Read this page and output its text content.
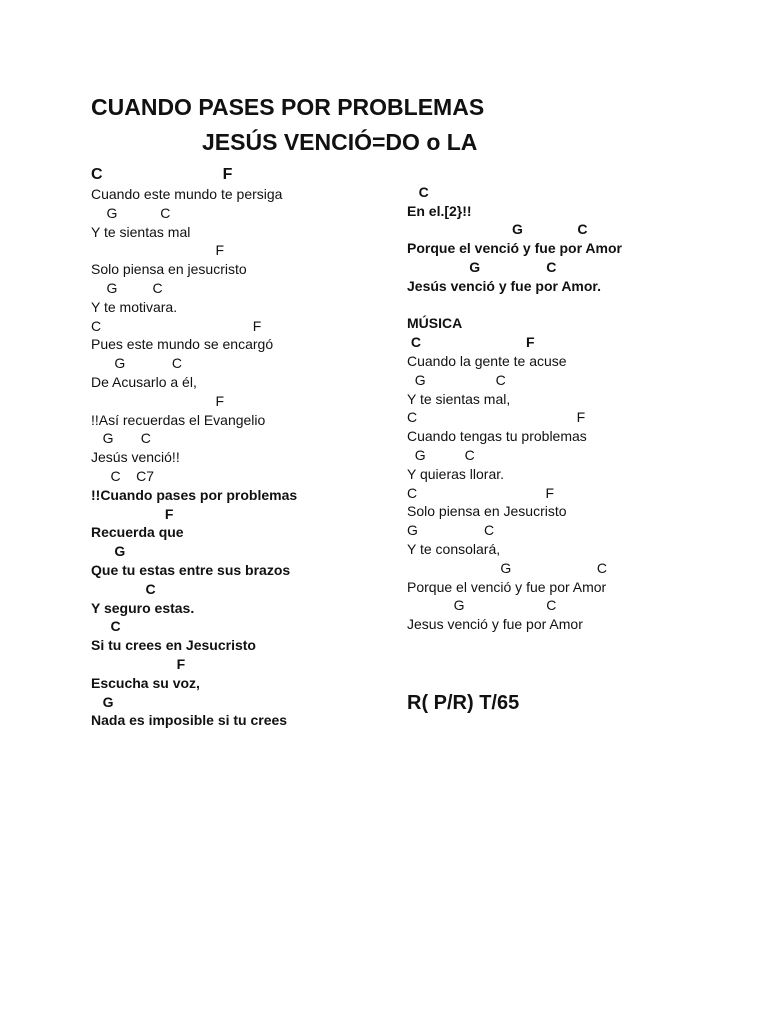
CUANDO PASES POR PROBLEMAS
JESÚS VENCIÓ=DO o LA
C                           F
Cuando este mundo te persiga
G           C
Y te sientas mal
F
Solo piensa en jesucristo
G         C
Y te motivara.
C                                       F
Pues este mundo se encargó
G            C
De Acusarlo a él,
F
!!Así recuerdas el Evangelio
G       C
Jesús venció!!
C    C7
!!Cuando pases por problemas
F
Recuerda que
G
Que tu estas entre sus brazos
C
Y seguro estas.
C
Si tu crees en Jesucristo
F
Escucha su voz,
G
Nada es imposible si tu crees
C
En el.[2}!!
G              C
Porque el venció y fue por Amor
G                 C
Jesús venció y fue por Amor.
MÚSICA
C                           F
Cuando la gente te acuse
G                  C
Y te sientas mal,
C                                         F
Cuando tengas tu problemas
G          C
Y quieras llorar.
C                                 F
Solo piensa en Jesucristo
G                 C
Y te consolará,
G                      C
Porque el venció y fue por Amor
G                     C
Jesus venció y fue por Amor
R( P/R) T/65
